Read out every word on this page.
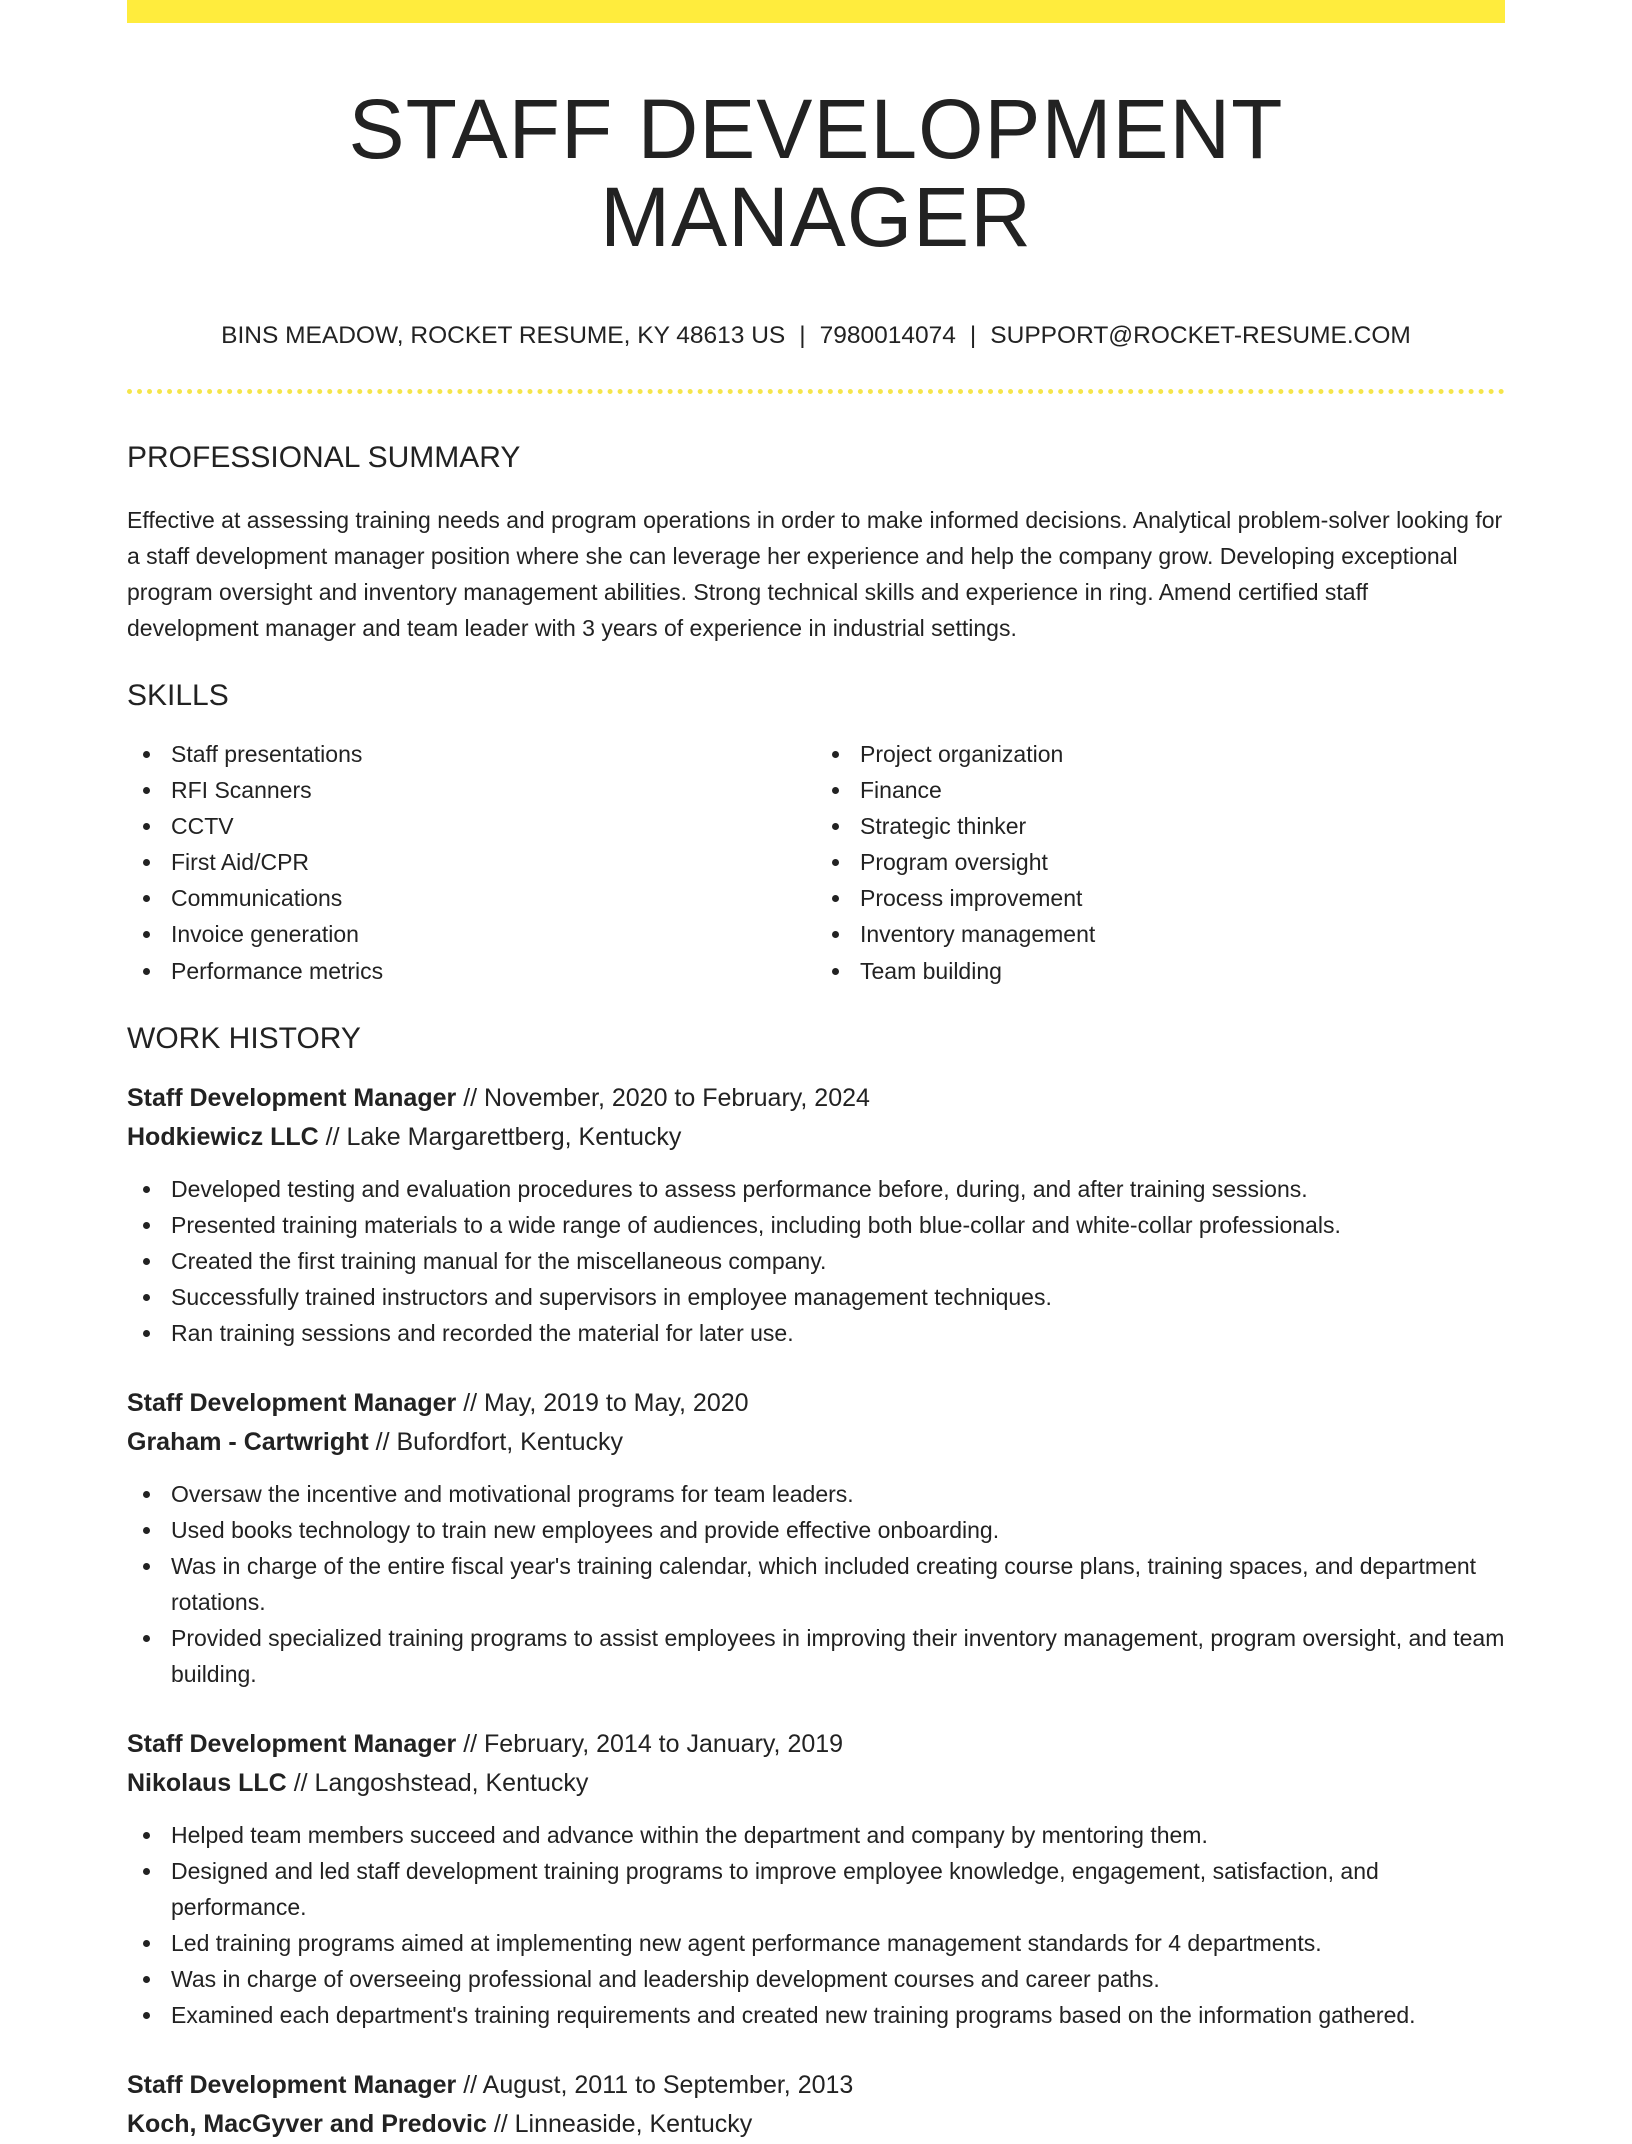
STAFF DEVELOPMENT MANAGER
BINS MEADOW, ROCKET RESUME, KY 48613 US | 7980014074 | SUPPORT@ROCKET-RESUME.COM
PROFESSIONAL SUMMARY

Effective at assessing training needs and program operations in order to make informed decisions. Analytical problem-solver looking for a staff development manager position where she can leverage her experience and help the company grow. Developing exceptional program oversight and inventory management abilities. Strong technical skills and experience in ring. Amend certified staff development manager and team leader with 3 years of experience in industrial settings.

SKILLS
Staff presentations
RFI Scanners
CCTV
First Aid/CPR
Communications
Invoice generation
Performance metrics
Project organization
Finance
Strategic thinker
Program oversight
Process improvement
Inventory management
Team building
WORK HISTORY
Staff Development Manager // November, 2020 to February, 2024
Hodkiewicz LLC // Lake Margarettberg, Kentucky
Developed testing and evaluation procedures to assess performance before, during, and after training sessions.
Presented training materials to a wide range of audiences, including both blue-collar and white-collar professionals.
Created the first training manual for the miscellaneous company.
Successfully trained instructors and supervisors in employee management techniques.
Ran training sessions and recorded the material for later use.
Staff Development Manager // May, 2019 to May, 2020
Graham - Cartwright // Bufordfort, Kentucky
Oversaw the incentive and motivational programs for team leaders.
Used books technology to train new employees and provide effective onboarding.
Was in charge of the entire fiscal year's training calendar, which included creating course plans, training spaces, and department rotations.
Provided specialized training programs to assist employees in improving their inventory management, program oversight, and team building.
Staff Development Manager // February, 2014 to January, 2019
Nikolaus LLC // Langoshstead, Kentucky
Helped team members succeed and advance within the department and company by mentoring them.
Designed and led staff development training programs to improve employee knowledge, engagement, satisfaction, and performance.
Led training programs aimed at implementing new agent performance management standards for 4 departments.
Was in charge of overseeing professional and leadership development courses and career paths.
Examined each department's training requirements and created new training programs based on the information gathered.
Staff Development Manager // August, 2011 to September, 2013
Koch, MacGyver and Predovic // Linneaside, Kentucky
